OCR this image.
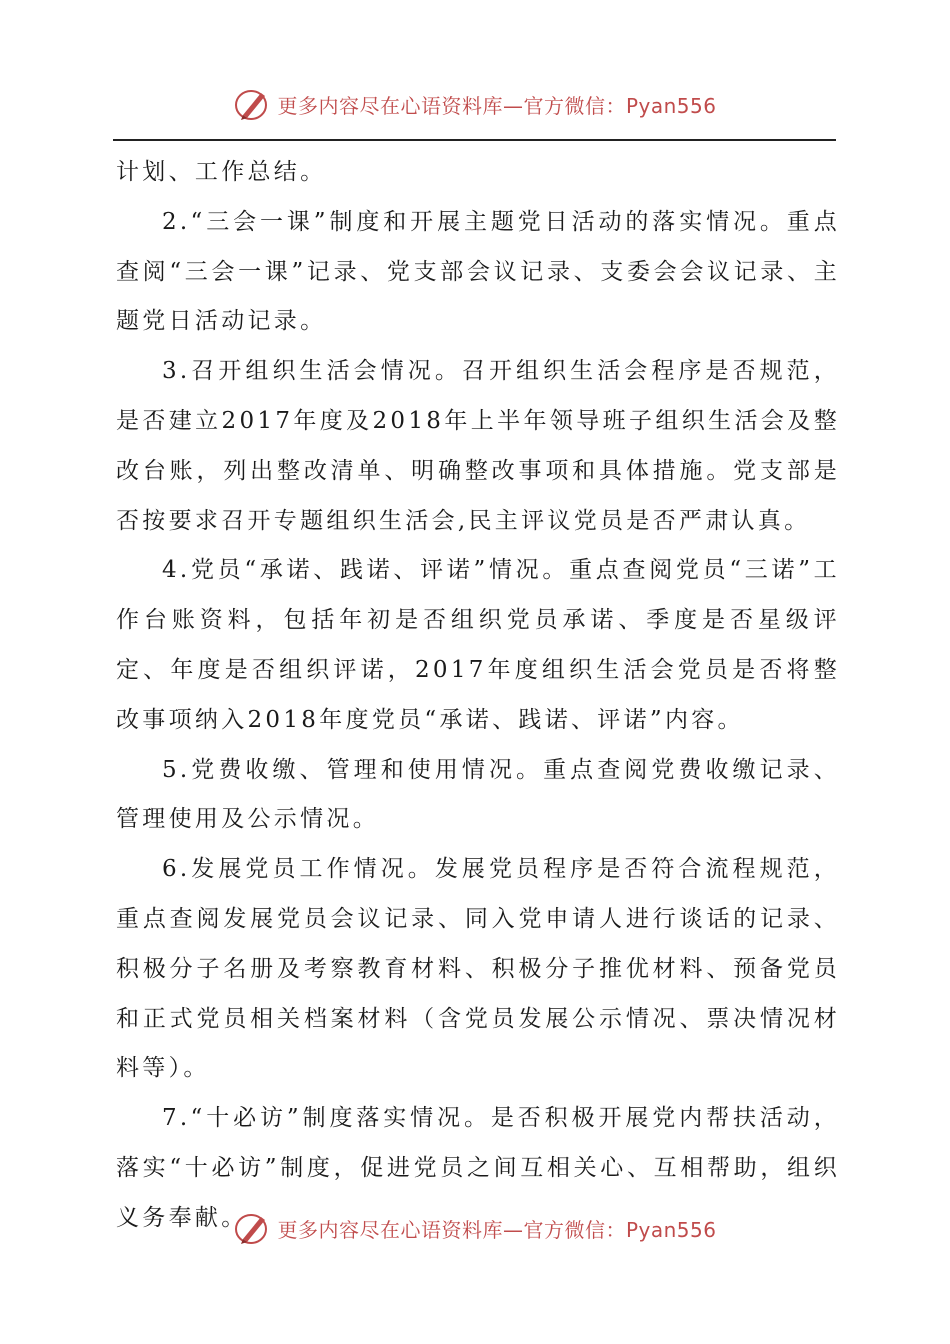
更多内容尽在心语资料库—官方微信：Pyan556

计划、工作总结。

2.“三会一课”制度和开展主题党日活动的落实情况。重点查阅“三会一课”记录、党支部会议记录、支委会会议记录、主题党日活动记录。

3.召开组织生活会情况。召开组织生活会程序是否规范，是否建立2017年度及2018年上半年领导班子组织生活会及整改台账，列出整改清单、明确整改事项和具体措施。党支部是否按要求召开专题组织生活会,民主评议党员是否严肃认真。

4.党员“承诺、践诺、评诺”情况。重点查阅党员“三诺”工作台账资料，包括年初是否组织党员承诺、季度是否星级评定、年度是否组织评诺，2017年度组织生活会党员是否将整改事项纳入2018年度党员“承诺、践诺、评诺”内容。

5.党费收缴、管理和使用情况。重点查阅党费收缴记录、管理使用及公示情况。

6.发展党员工作情况。发展党员程序是否符合流程规范，重点查阅发展党员会议记录、同入党申请人进行谈话的记录、积极分子名册及考察教育材料、积极分子推优材料、预备党员和正式党员相关档案材料（含党员发展公示情况、票决情况材料等）。

7.“十必访”制度落实情况。是否积极开展党内帮扶活动，落实“十必访”制度，促进党员之间互相关心、互相帮助，组织义务奉献。	更多内容尽在心语资料库—官方微信：Pyan556
